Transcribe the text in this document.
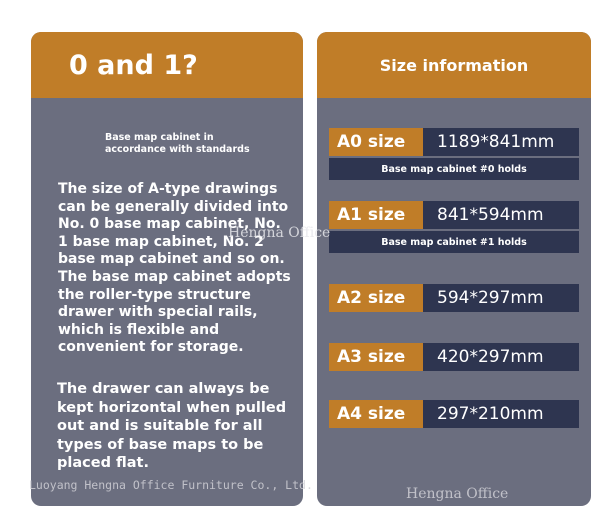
0 and 1?
Base map cabinet in accordance with standards
The size of A-type drawings can be generally divided into No. 0 base map cabinet, No. 1 base map cabinet, No. 2 base map cabinet and so on. The base map cabinet adopts the roller-type structure drawer with special rails, which is flexible and convenient for storage.
The drawer can always be kept horizontal when pulled out and is suitable for all types of base maps to be placed flat.
Size information
A0 size	1189*841mm
Base map cabinet #0 holds
A1 size	841*594mm
Base map cabinet #1 holds
A2 size	594*297mm
A3 size	420*297mm
A4 size	297*210mm
Hengna Office
Luoyang Hengna Office Furniture Co., Ltd.
Hengna Office
